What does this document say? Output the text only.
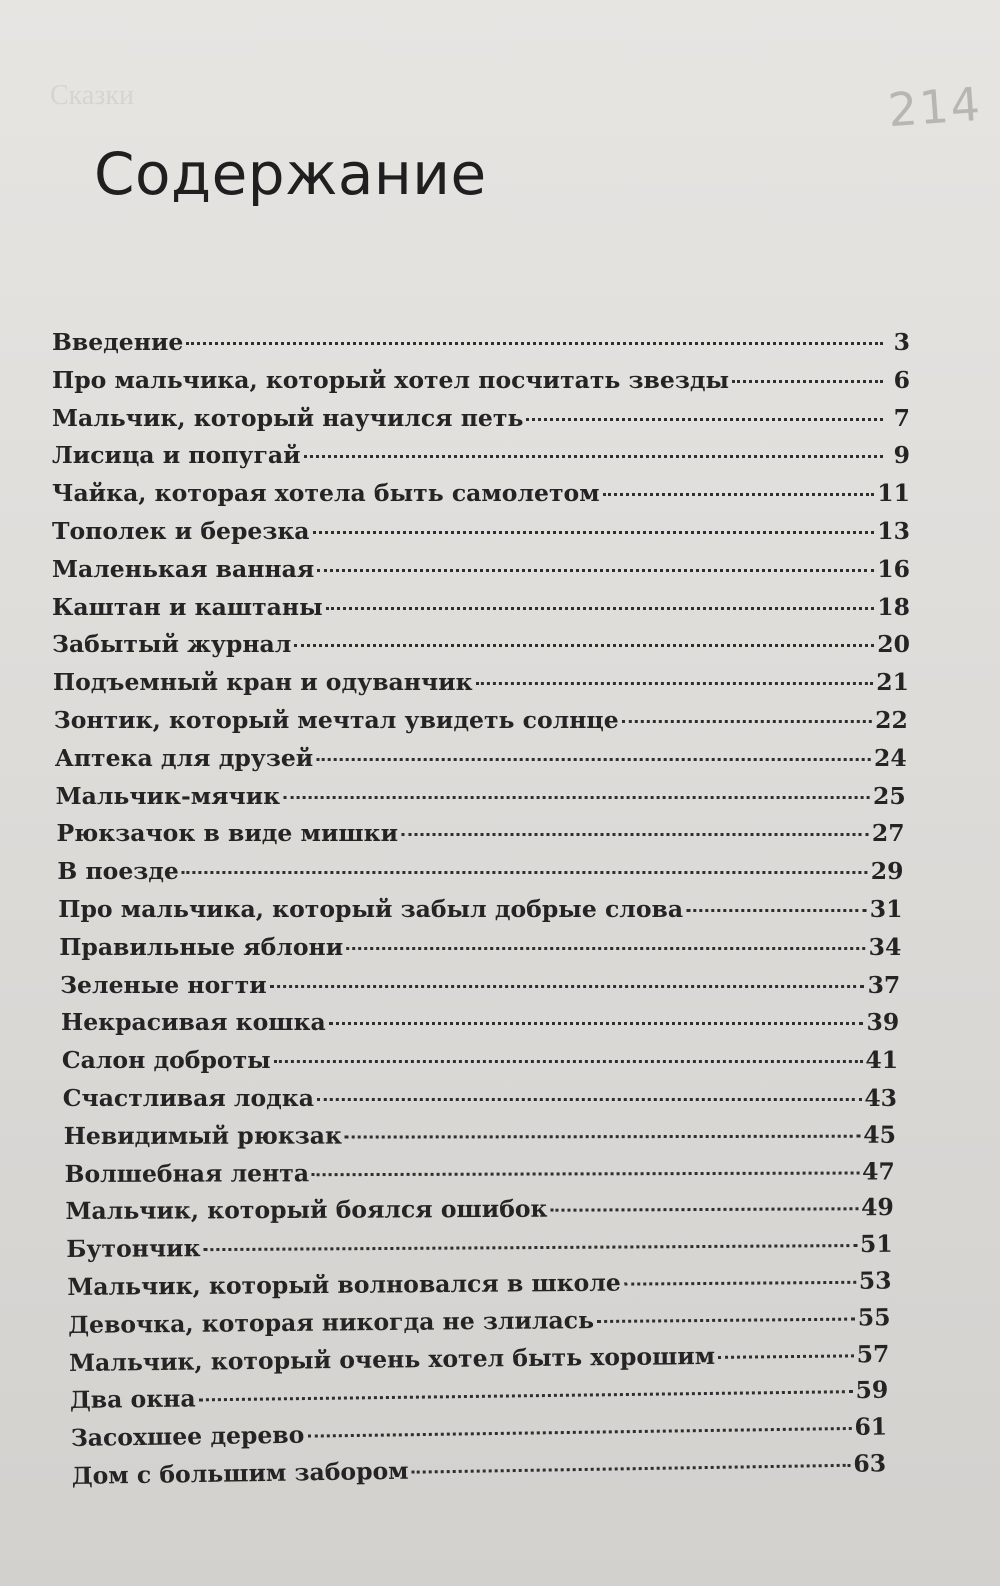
Сказки	214
Содержание
Введение	3
Про мальчика, который хотел посчитать звезды	6
Мальчик, который научился петь	7
Лисица и попугай	9
Чайка, которая хотела быть самолетом	11
Тополек и березка	13
Маленькая ванная	16
Каштан и каштаны	18
Забытый журнал	20
Подъемный кран и одуванчик	21
Зонтик, который мечтал увидеть солнце	22
Аптека для друзей	24
Мальчик-мячик	25
Рюкзачок в виде мишки	27
В поезде	29
Про мальчика, который забыл добрые слова	31
Правильные яблони	34
Зеленые ногти	37
Некрасивая кошка	39
Салон доброты	41
Счастливая лодка	43
Невидимый рюкзак	45
Волшебная лента	47
Мальчик, который боялся ошибок	49
Бутончик	51
Мальчик, который волновался в школе	53
Девочка, которая никогда не злилась	55
Мальчик, который очень хотел быть хорошим	57
Два окна	59
Засохшее дерево	61
Дом с большим забором	63
